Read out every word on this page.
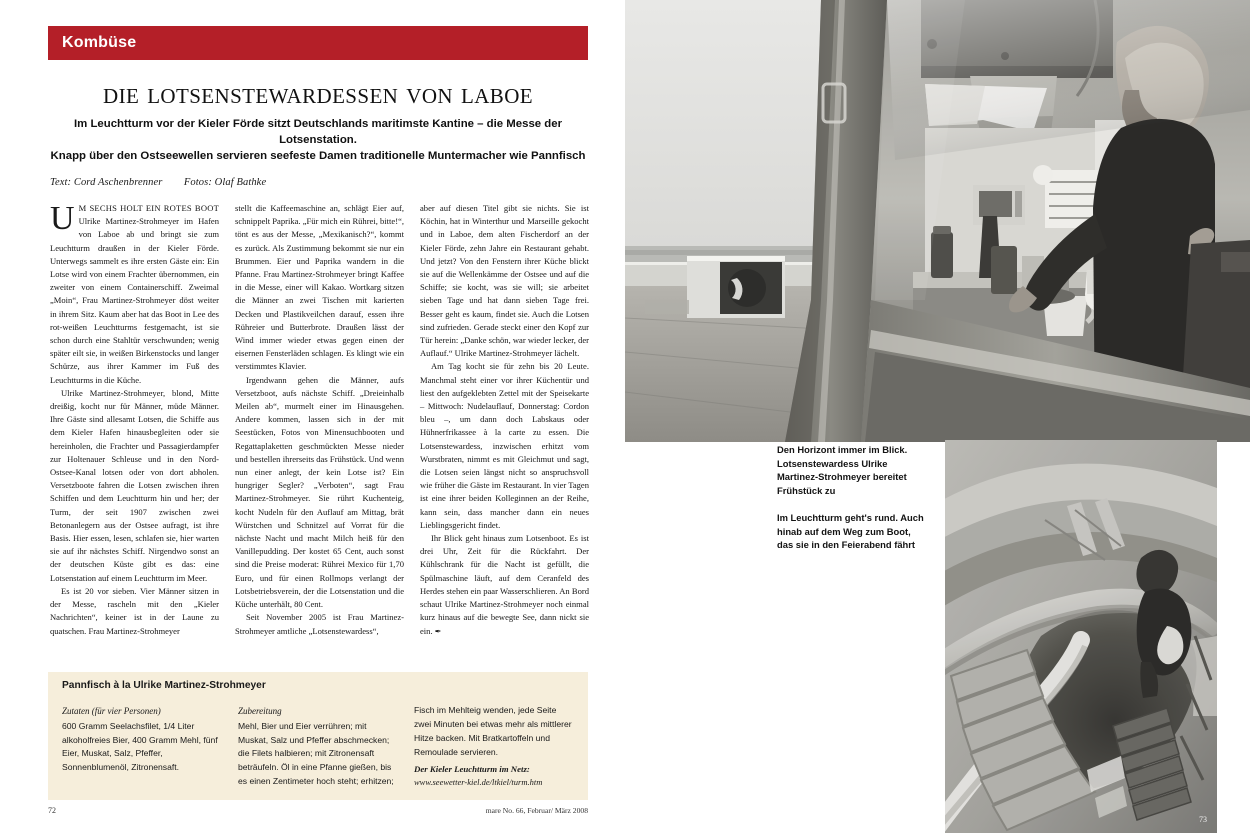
Kombüse
die lotsenstewardessen von laboe
Im Leuchtturm vor der Kieler Förde sitzt Deutschlands maritimste Kantine – die Messe der Lotsenstation.
Knapp über den Ostseewellen servieren seefeste Damen traditionelle Muntermacher wie Pannfisch
Text: Cord Aschenbrenner Fotos: Olaf Bathke

U M SECHS HOLT EIN ROTES BOOT Ulrike Martinez-Strohmeyer im Hafen von Laboe ab und bringt sie zum Leuchtturm draußen in der Kieler Förde. Unterwegs sammelt es ihre ersten Gäste ein: Ein Lotse wird von einem Frachter übernommen, ein zweiter von einem Containerschiff. Zweimal „Moin“, Frau Martinez-Strohmeyer döst weiter in ihrem Sitz. Kaum aber hat das Boot in Lee des rot-weißen Leuchtturms festgemacht, ist sie schon durch eine Stahltür verschwunden; wenig später eilt sie, in weißen Birkenstocks und langer Schürze, aus ihrer Kammer im Fuß des Leuchtturms in die Küche.

Ulrike Martinez-Strohmeyer, blond, Mitte dreißig, kocht nur für Männer, müde Männer. Ihre Gäste sind allesamt Lotsen, die Schiffe aus dem Kieler Hafen hinausbegleiten oder sie hereinholen, die Frachter und Passagierdampfer zur Holtenauer Schleuse und in den Nord-Ostsee-Kanal lotsen oder von dort abholen. Versetzboote fahren die Lotsen zwischen ihren Schiffen und dem Leuchtturm hin und her; der Turm, der seit 1907 zwischen zwei Betonanlegern aus der Ostsee aufragt, ist ihre Basis. Hier essen, lesen, schlafen sie, hier warten sie auf ihr nächstes Schiff. Nirgendwo sonst an der deutschen Küste gibt es das: eine Lotsenstation auf einem Leuchtturm im Meer.

Es ist 20 vor sieben. Vier Männer sitzen in der Messe, rascheln mit den „Kieler Nachrichten“, keiner ist in der Laune zu quatschen. Frau Martinez-Strohmeyer

stellt die Kaffeemaschine an, schlägt Eier auf, schnippelt Paprika. „Für mich ein Rührei, bitte!“, tönt es aus der Messe, „Mexikanisch?“, kommt es zurück. Als Zustimmung bekommt sie nur ein Brummen. Eier und Paprika wandern in die Pfanne. Frau Martinez-Strohmeyer bringt Kaffee in die Messe, einer will Kakao. Wortkarg sitzen die Männer an zwei Tischen mit karierten Decken und Plastikveilchen darauf, essen ihre Rühreier und Butterbrote. Draußen lässt der Wind immer wieder etwas gegen einen der eisernen Fensterläden schlagen. Es klingt wie ein verstimmtes Klavier.

Irgendwann gehen die Männer, aufs Versetzboot, aufs nächste Schiff. „Dreieinhalb Meilen ab“, murmelt einer im Hinausgehen. Andere kommen, lassen sich in der mit Seestücken, Fotos von Minensuchbooten und Regattaplaketten geschmückten Messe nieder und bestellen ihrerseits das Frühstück. Und wenn nun einer anlegt, der kein Lotse ist? Ein hungriger Segler? „Verboten“, sagt Frau Martinez-Strohmeyer. Sie rührt Kuchenteig, kocht Nudeln für den Auflauf am Mittag, brät Würstchen und Schnitzel auf Vorrat für die nächste Nacht und macht Milch heiß für den Vanillepudding. Der kostet 65 Cent, auch sonst sind die Preise moderat: Rührei Mexico für 1,70 Euro, und für einen Rollmops verlangt der Lotsbetriebsverein, der die Lotsenstation und die Küche unterhält, 80 Cent.

Seit November 2005 ist Frau Martinez-Strohmeyer amtliche „Lotsenstewardess“,

aber auf diesen Titel gibt sie nichts. Sie ist Köchin, hat in Winterthur und Marseille gekocht und in Laboe, dem alten Fischerdorf an der Kieler Förde, zehn Jahre ein Restaurant gehabt. Und jetzt? Von den Fenstern ihrer Küche blickt sie auf die Wellenkämme der Ostsee und auf die Schiffe; sie kocht, was sie will; sie arbeitet sieben Tage und hat dann sieben Tage frei. Besser geht es kaum, findet sie. Auch die Lotsen sind zufrieden. Gerade steckt einer den Kopf zur Tür herein: „Danke schön, war wieder lecker, der Auflauf.“ Ulrike Martinez-Strohmeyer lächelt.

Am Tag kocht sie für zehn bis 20 Leute. Manchmal steht einer vor ihrer Küchentür und liest den aufgeklebten Zettel mit der Speisekarte – Mittwoch: Nudelauflauf, Donnerstag: Cordon bleu –, um dann doch Labskaus oder Hühnerfrikassee à la carte zu essen. Die Lotsenstewardess, inzwischen erhitzt vom Wurstbraten, nimmt es mit Gleichmut und sagt, die Lotsen seien längst nicht so anspruchsvoll wie früher die Gäste im Restaurant. In vier Tagen ist eine ihrer beiden Kolleginnen an der Reihe, kann sein, dass mancher dann ein neues Lieblingsgericht findet.

Ihr Blick geht hinaus zum Lotsenboot. Es ist drei Uhr, Zeit für die Rückfahrt. Der Kühlschrank für die Nacht ist gefüllt, die Spülmaschine läuft, auf dem Ceranfeld des Herdes stehen ein paar Wasserschlieren. An Bord schaut Ulrike Martinez-Strohmeyer noch einmal kurz hinaus auf die bewegte See, dann nickt sie ein. ✒

Pannfisch à la Ulrike Martinez-Strohmeyer
Zutaten (für vier Personen)
600 Gramm Seelachsfilet, 1/4 Liter alkoholfreies Bier, 400 Gramm Mehl, fünf Eier, Muskat, Salz, Pfeffer, Sonnenblumenöl, Zitronensaft.
Zubereitung
Mehl, Bier und Eier verrühren; mit Muskat, Salz und Pfeffer abschmecken; die Filets halbieren; mit Zitronensaft beträufeln. Öl in eine Pfanne gießen, bis es einen Zentimeter hoch steht; erhitzen;
Fisch im Mehlteig wenden, jede Seite zwei Minuten bei etwas mehr als mittlerer Hitze backen. Mit Bratkartoffeln und Remoulade servieren.
Der Kieler Leuchtturm im Netz:
www.seewetter-kiel.de/ltkiel/turm.htm
72	mare No. 66, Februar/ März 2008
73
Den Horizont immer im Blick. Lotsenstewardess Ulrike Martinez-Strohmeyer bereitet Frühstück zu
Im Leuchtturm geht's rund. Auch hinab auf dem Weg zum Boot, das sie in den Feierabend fährt
